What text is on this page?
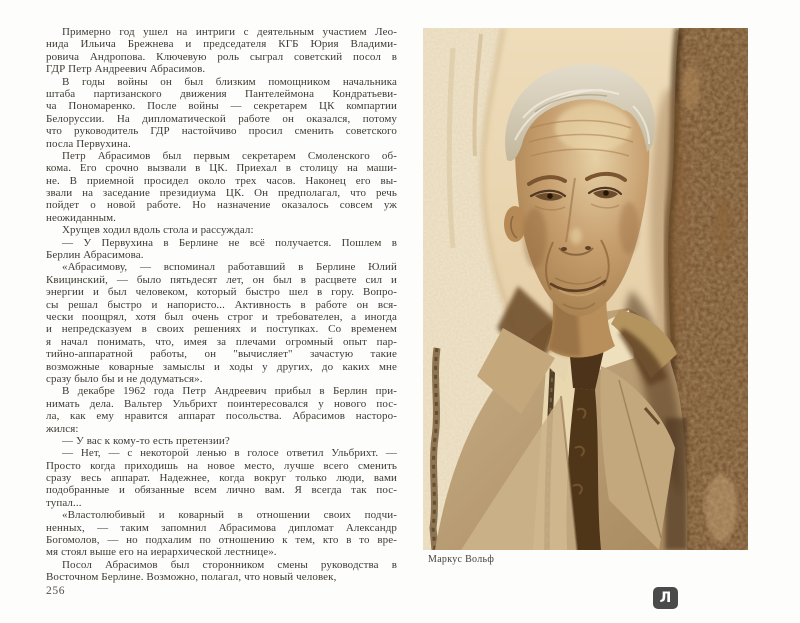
Примерно год ушел на интриги с деятельным участием Лео-
нида Ильича Брежнева и председателя КГБ Юрия Владими-
ровича Андропова. Ключевую роль сыграл советский посол в
ГДР Петр Андреевич Абрасимов.
В годы войны он был близким помощником начальника
штаба партизанского движения Пантелеймона Кондратьеви-
ча Пономаренко. После войны — секретарем ЦК компартии
Белоруссии. На дипломатической работе он оказался, потому
что руководитель ГДР настойчиво просил сменить советского
посла Первухина.
Петр Абрасимов был первым секретарем Смоленского об-
кома. Его срочно вызвали в ЦК. Приехал в столицу на маши-
не. В приемной просидел около трех часов. Наконец его вы-
звали на заседание президиума ЦК. Он предполагал, что речь
пойдет о новой работе. Но назначение оказалось совсем уж
неожиданным.
Хрущев ходил вдоль стола и рассуждал:
— У Первухина в Берлине не всё получается. Пошлем в
Берлин Абрасимова.
«Абрасимову, — вспоминал работавший в Берлине Юлий
Квицинский, — было пятьдесят лет, он был в расцвете сил и
энергии и был человеком, который быстро шел в гору. Вопро-
сы решал быстро и напористо... Активность в работе он вся-
чески поощрял, хотя был очень строг и требователен, а иногда
и непредсказуем в своих решениях и поступках. Со временем
я начал понимать, что, имея за плечами огромный опыт пар-
тийно-аппаратной работы, он "вычисляет" зачастую такие
возможные коварные замыслы и ходы у других, до каких мне
сразу было бы и не додуматься».
В декабре 1962 года Петр Андреевич прибыл в Берлин при-
нимать дела. Вальтер Ульбрихт поинтересовался у нового пос-
ла, как ему нравится аппарат посольства. Абрасимов насторо-
жился:
— У вас к кому-то есть претензии?
— Нет, — с некоторой ленью в голосе ответил Ульбрихт. —
Просто когда приходишь на новое место, лучше всего сменить
сразу весь аппарат. Надежнее, когда вокруг только люди, вами
подобранные и обязанные всем лично вам. Я всегда так пос-
тупал...
«Властолюбивый и коварный в отношении своих подчи-
ненных, — таким запомнил Абрасимова дипломат Александр
Богомолов, — но подхалим по отношению к тем, кто в то вре-
мя стоял выше его на иерархической лестнице».
Посол Абрасимов был сторонником смены руководства в
Восточном Берлине. Возможно, полагал, что новый человек,
256
Маркус Вольф
Л
